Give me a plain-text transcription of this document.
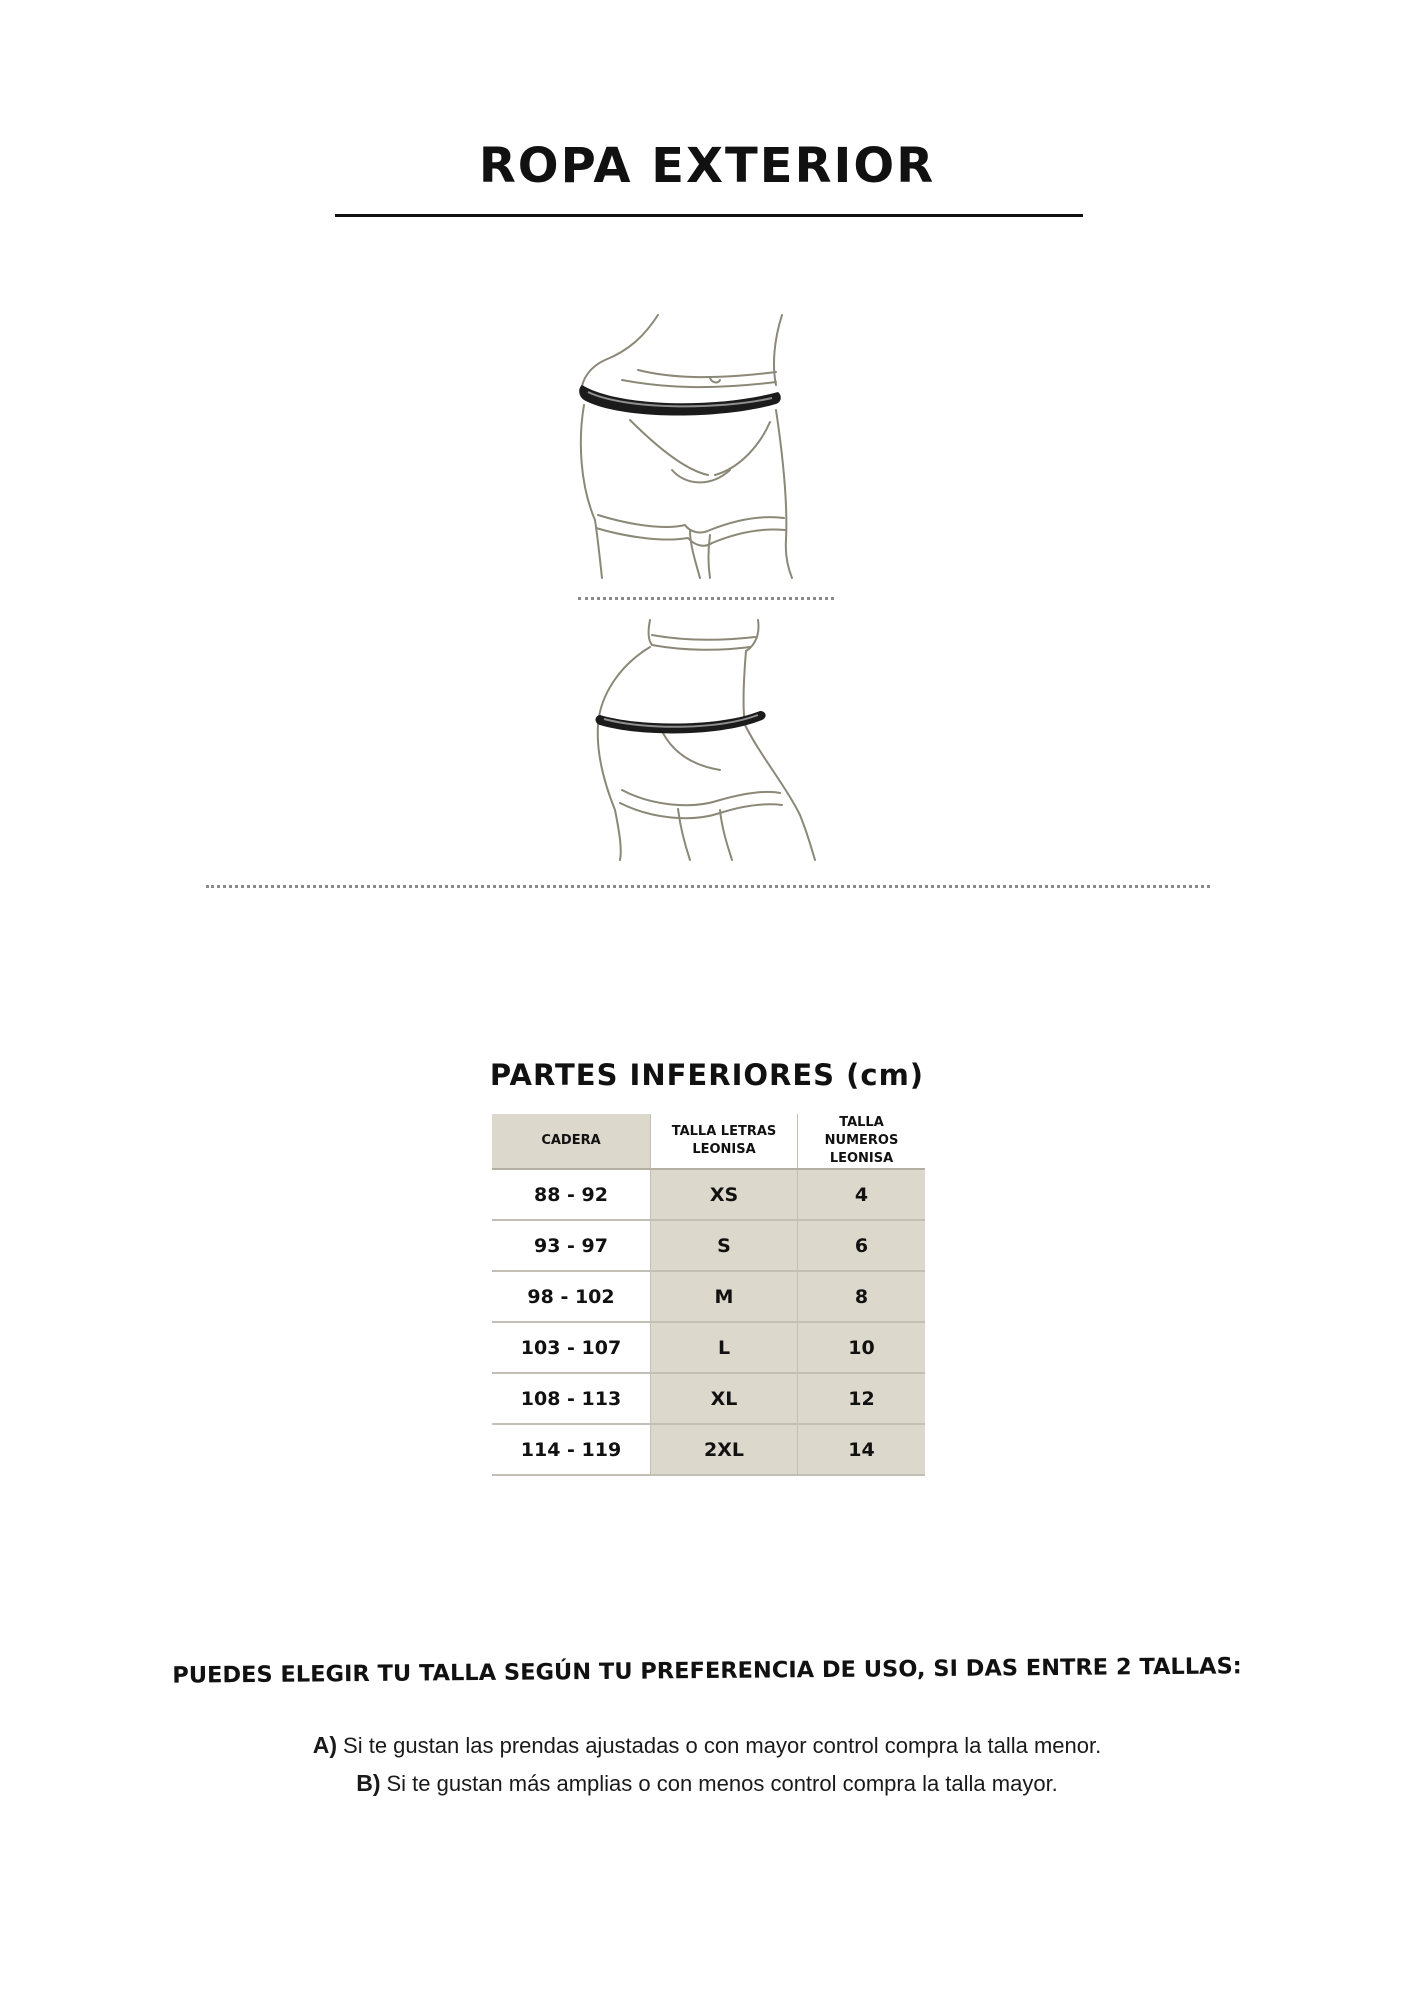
ROPA EXTERIOR
PARTES INFERIORES (cm)
CADERA	TALLA LETRAS LEONISA	TALLA NUMEROS LEONISA
88 - 92	XS	4
93 - 97	S	6
98 - 102	M	8
103 - 107	L	10
108 - 113	XL	12
114 - 119	2XL	14
PUEDES ELEGIR TU TALLA SEGÚN TU PREFERENCIA DE USO, SI DAS ENTRE 2 TALLAS:
A) Si te gustan las prendas ajustadas o con mayor control compra la talla menor.
B) Si te gustan más amplias o con menos control compra la talla mayor.
